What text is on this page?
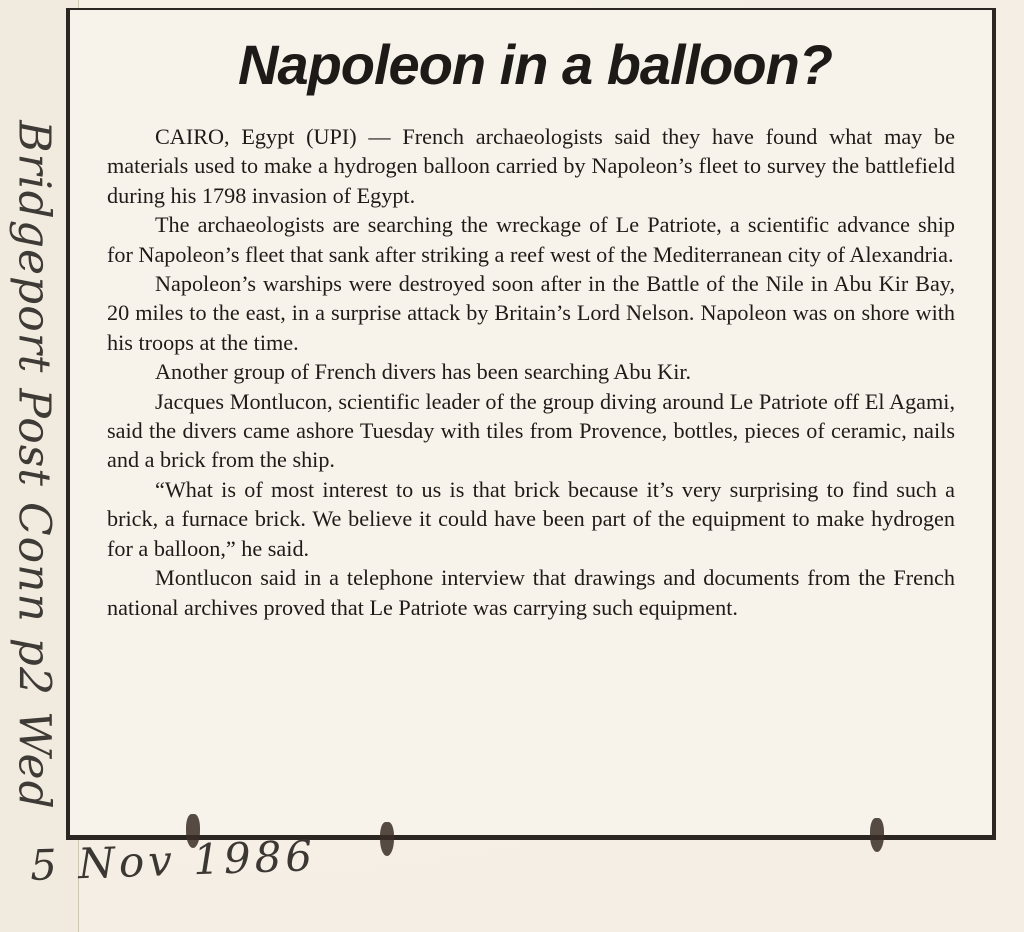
Bridgeport Post Conn p2 Wed
Napoleon in a balloon?

CAIRO, Egypt (UPI) — French archaeologists said they have found what may be materials used to make a hydrogen balloon carried by Napoleon’s fleet to survey the battlefield during his 1798 invasion of Egypt.

The archaeologists are searching the wreckage of Le Patriote, a scientific advance ship for Napoleon’s fleet that sank after striking a reef west of the Mediterranean city of Alexandria.

Napoleon’s warships were destroyed soon after in the Battle of the Nile in Abu Kir Bay, 20 miles to the east, in a surprise attack by Britain’s Lord Nelson. Napoleon was on shore with his troops at the time.

Another group of French divers has been searching Abu Kir.

Jacques Montlucon, scientific leader of the group diving around Le Patriote off El Agami, said the divers came ashore Tuesday with tiles from Provence, bottles, pieces of ceramic, nails and a brick from the ship.

“What is of most interest to us is that brick because it’s very surprising to find such a brick, a furnace brick. We believe it could have been part of the equipment to make hydrogen for a balloon,” he said.

Montlucon said in a telephone interview that drawings and documents from the French national archives proved that Le Patriote was carrying such equipment.

5 Nov 1986
